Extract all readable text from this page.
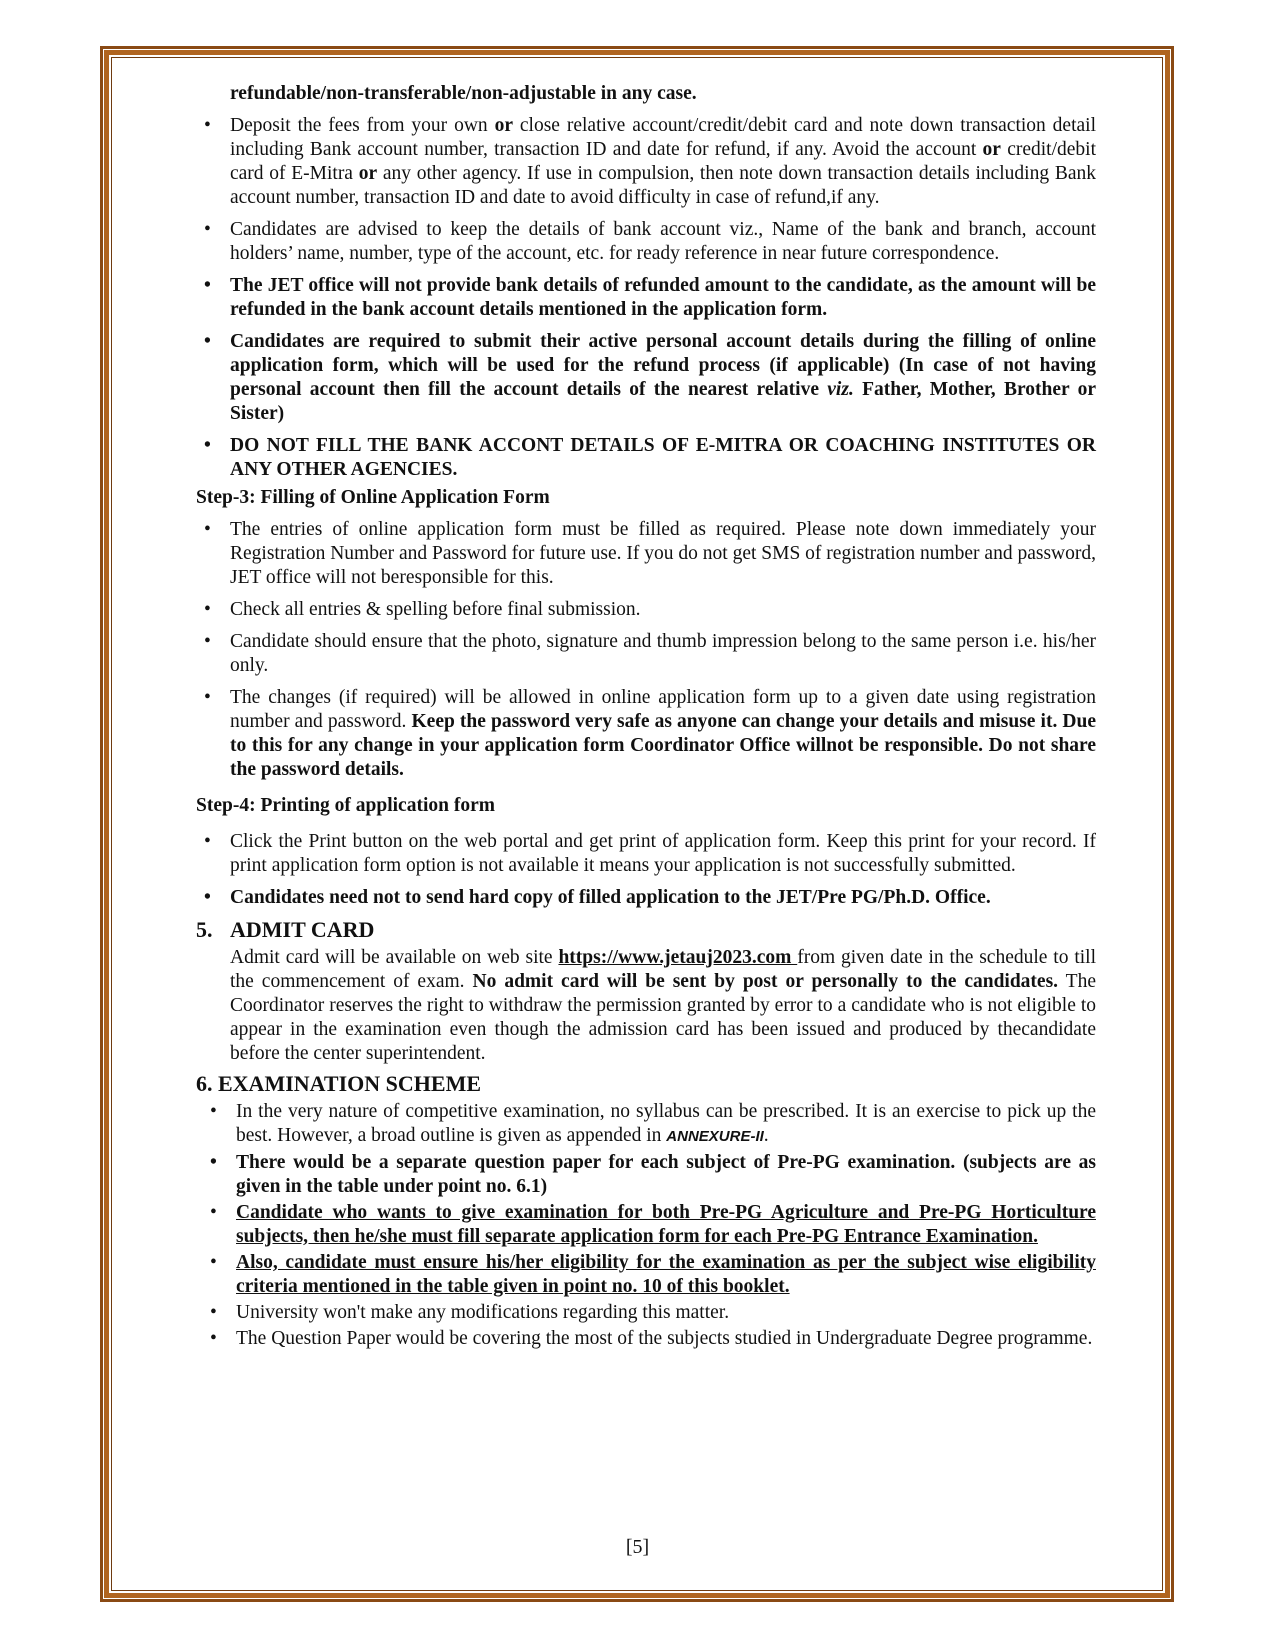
refundable/non-transferable/non-adjustable in any case.

• Deposit the fees from your own or close relative account/credit/debit card and note down transaction detail including Bank account number, transaction ID and date for refund, if any. Avoid the account or credit/debit card of E-Mitra or any other agency. If use in compulsion, then note down transaction details including Bank account number, transaction ID and date to avoid difficulty in case of refund,if any.
• Candidates are advised to keep the details of bank account viz., Name of the bank and branch, account holders’ name, number, type of the account, etc. for ready reference in near future correspondence.
• The JET office will not provide bank details of refunded amount to the candidate, as the amount will be refunded in the bank account details mentioned in the application form.
• Candidates are required to submit their active personal account details during the filling of online application form, which will be used for the refund process (if applicable) (In case of not having personal account then fill the account details of the nearest relative viz. Father, Mother, Brother or Sister)
• DO NOT FILL THE BANK ACCONT DETAILS OF E-MITRA OR COACHING INSTITUTES OR ANY OTHER AGENCIES.
Step-3: Filling of Online Application Form
• The entries of online application form must be filled as required. Please note down immediately your Registration Number and Password for future use. If you do not get SMS of registration number and password, JET office will not beresponsible for this.
• Check all entries & spelling before final submission.
• Candidate should ensure that the photo, signature and thumb impression belong to the same person i.e. his/her only.
• The changes (if required) will be allowed in online application form up to a given date using registration number and password. Keep the password very safe as anyone can change your details and misuse it. Due to this for any change in your application form Coordinator Office willnot be responsible. Do not share the password details.
Step-4: Printing of application form
• Click the Print button on the web portal and get print of application form. Keep this print for your record. If print application form option is not available it means your application is not successfully submitted.
• Candidates need not to send hard copy of filled application to the JET/Pre PG/Ph.D. Office.
5. ADMIT CARD

Admit card will be available on web site https://www.jetauj2023.com from given date in the schedule to till the commencement of exam. No admit card will be sent by post or personally to the candidates. The Coordinator reserves the right to withdraw the permission granted by error to a candidate who is not eligible to appear in the examination even though the admission card has been issued and produced by thecandidate before the center superintendent.

6. EXAMINATION SCHEME
• In the very nature of competitive examination, no syllabus can be prescribed. It is an exercise to pick up the best. However, a broad outline is given as appended in ANNEXURE-II.
• There would be a separate question paper for each subject of Pre-PG examination. (subjects are as given in the table under point no. 6.1)
• Candidate who wants to give examination for both Pre-PG Agriculture and Pre-PG Horticulture subjects, then he/she must fill separate application form for each Pre-PG Entrance Examination.
• Also, candidate must ensure his/her eligibility for the examination as per the subject wise eligibility criteria mentioned in the table given in point no. 10 of this booklet.
• University won't make any modifications regarding this matter.
• The Question Paper would be covering the most of the subjects studied in Undergraduate Degree programme.
[5]
